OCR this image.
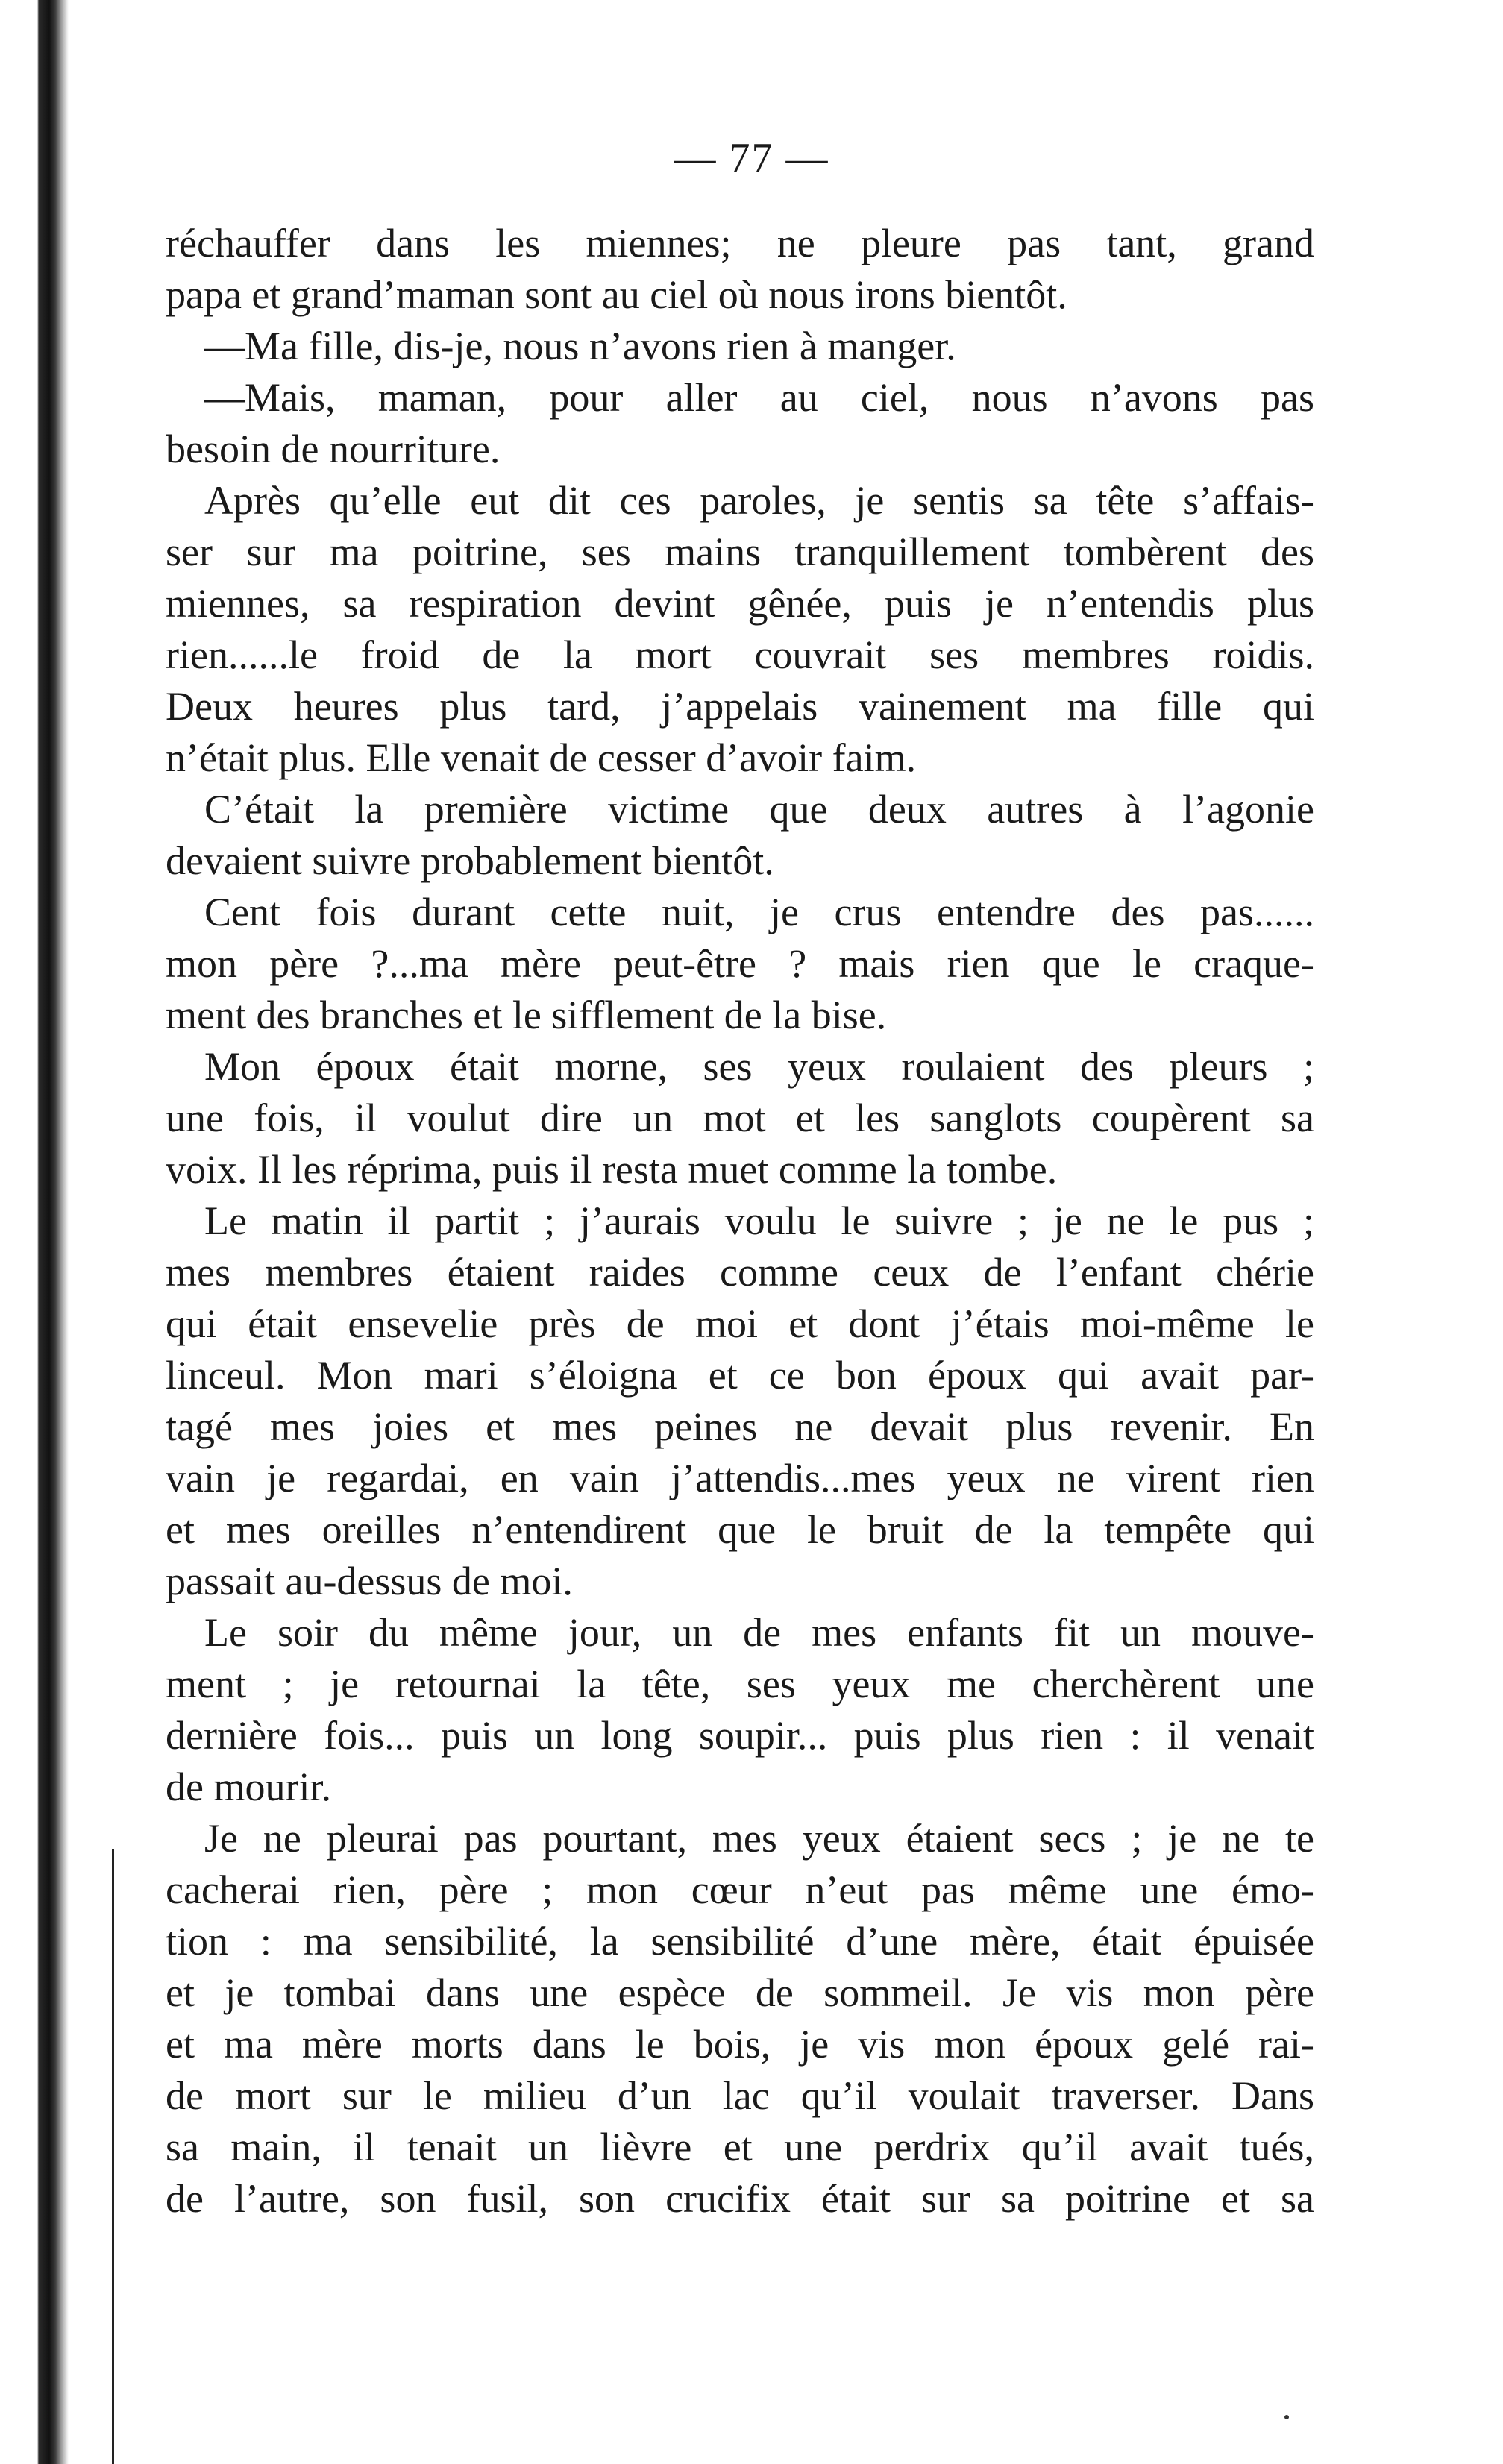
— 77 —
réchauffer dans les miennes; ne pleure pas tant, grand
papa et grand’maman sont au ciel où nous irons bientôt.
—Ma fille, dis-je, nous n’avons rien à manger.
—Mais, maman, pour aller au ciel, nous n’avons pas
besoin de nourriture.
Après qu’elle eut dit ces paroles, je sentis sa tête s’affais-
ser sur ma poitrine, ses mains tranquillement tombèrent des
miennes, sa respiration devint gênée, puis je n’entendis plus
rien......le froid de la mort couvrait ses membres roidis.
Deux heures plus tard, j’appelais vainement ma fille qui
n’était plus. Elle venait de cesser d’avoir faim.
C’était la première victime que deux autres à l’agonie
devaient suivre probablement bientôt.
Cent fois durant cette nuit, je crus entendre des pas......
mon père ?...ma mère peut-être ? mais rien que le craque-
ment des branches et le sifflement de la bise.
Mon époux était morne, ses yeux roulaient des pleurs ;
une fois, il voulut dire un mot et les sanglots coupèrent sa
voix. Il les réprima, puis il resta muet comme la tombe.
Le matin il partit ; j’aurais voulu le suivre ; je ne le pus ;
mes membres étaient raides comme ceux de l’enfant chérie
qui était ensevelie près de moi et dont j’étais moi-même le
linceul. Mon mari s’éloigna et ce bon époux qui avait par-
tagé mes joies et mes peines ne devait plus revenir. En
vain je regardai, en vain j’attendis...mes yeux ne virent rien
et mes oreilles n’entendirent que le bruit de la tempête qui
passait au-dessus de moi.
Le soir du même jour, un de mes enfants fit un mouve-
ment ; je retournai la tête, ses yeux me cherchèrent une
dernière fois... puis un long soupir... puis plus rien : il venait
de mourir.
Je ne pleurai pas pourtant, mes yeux étaient secs ; je ne te
cacherai rien, père ; mon cœur n’eut pas même une émo-
tion : ma sensibilité, la sensibilité d’une mère, était épuisée
et je tombai dans une espèce de sommeil. Je vis mon père
et ma mère morts dans le bois, je vis mon époux gelé rai-
de mort sur le milieu d’un lac qu’il voulait traverser. Dans
sa main, il tenait un lièvre et une perdrix qu’il avait tués,
de l’autre, son fusil, son crucifix était sur sa poitrine et sa
